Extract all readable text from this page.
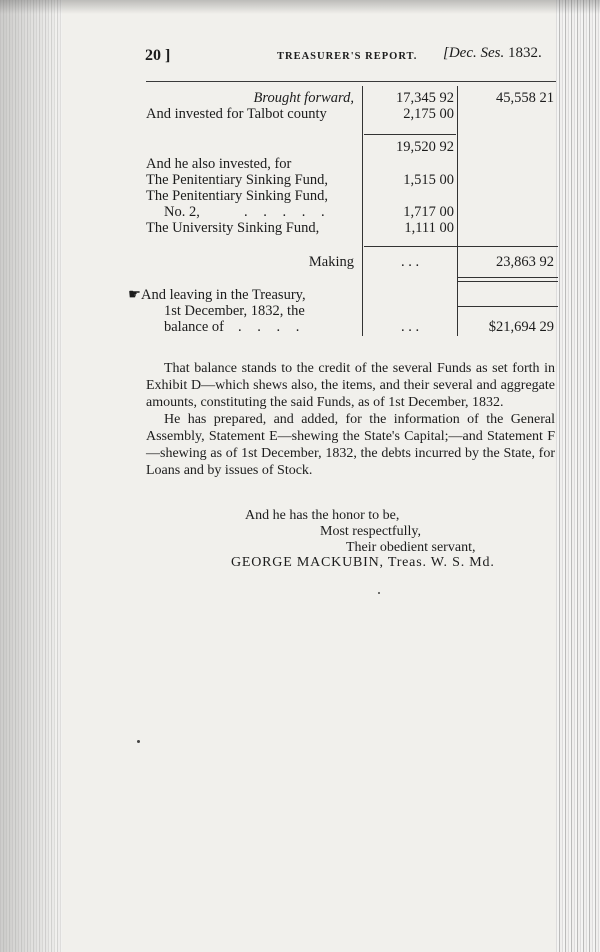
20 ]	TREASURER'S REPORT. [Dec. Ses. 1832.
Brought forward,	17,345 92	45,558 21
And invested for Talbot county	2,175 00
19,520 92
And he also invested, for
The Penitentiary Sinking Fund,	1,515 00
The Penitentiary Sinking Fund,
No. 2,	. . . . .	1,717 00
The University Sinking Fund,	1,111 00
Making	. . .	23,863 92
☛And leaving in the Treasury,
1st December, 1832, the
balance of . . . .	. . .	$21,694 29

That balance stands to the credit of the several Funds as set forth in Exhibit D—which shews also, the items, and their several and aggregate amounts, constituting the said Funds, as of 1st December, 1832.

He has prepared, and added, for the information of the General Assembly, Statement E—shewing the State's Capital;—and Statement F—shewing as of 1st December, 1832, the debts incurred by the State, for Loans and by issues of Stock.

And he has the honor to be,
Most respectfully,
Their obedient servant,
GEORGE MACKUBIN, Treas. W. S. Md.
